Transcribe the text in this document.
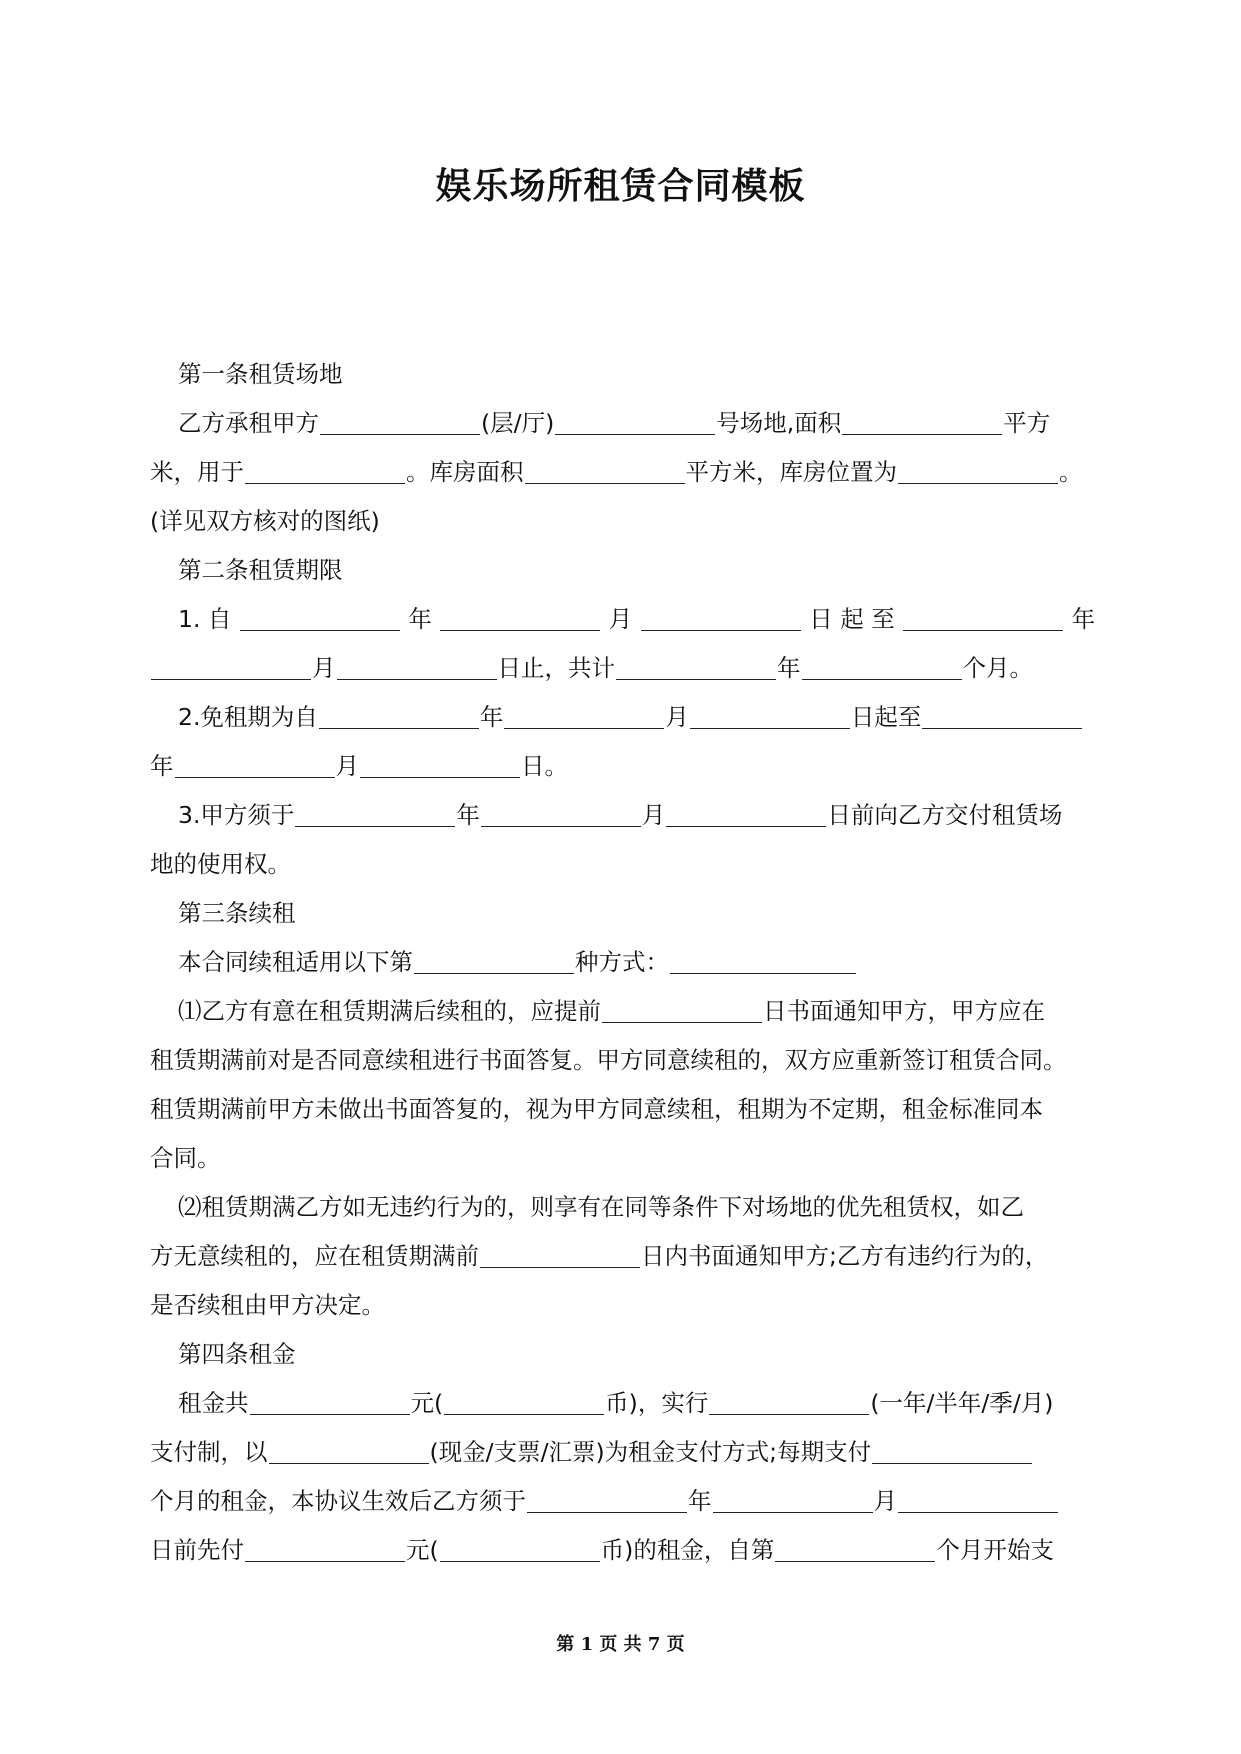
娱乐场所租赁合同模板
第一条租赁场地
乙方承租甲方	(层/厅)	号场地,面积	平方
米，用于	。库房面积	平方米，库房位置为	。
(详见双方核对的图纸)
第二条租赁期限
1. 自	年	月	日 起 至	年
月	日止，共计	年	个月。
2.免租期为自	年	月	日起至
年	月	日。
3.甲方须于	年	月	日前向乙方交付租赁场
地的使用权。
第三条续租
本合同续租适用以下第	种方式：
⑴乙方有意在租赁期满后续租的，应提前	日书面通知甲方，甲方应在
租赁期满前对是否同意续租进行书面答复。甲方同意续租的，双方应重新签订租赁合同。
租赁期满前甲方未做出书面答复的，视为甲方同意续租，租期为不定期，租金标准同本
合同。
⑵租赁期满乙方如无违约行为的，则享有在同等条件下对场地的优先租赁权，如乙
方无意续租的，应在租赁期满前	日内书面通知甲方;乙方有违约行为的，
是否续租由甲方决定。
第四条租金
租金共	元(	币)，实行	(一年/半年/季/月)
支付制，以	(现金/支票/汇票)为租金支付方式;每期支付
个月的租金，本协议生效后乙方须于	年	月
日前先付	元(	币)的租金，自第	个月开始支
第 1 页 共 7 页
